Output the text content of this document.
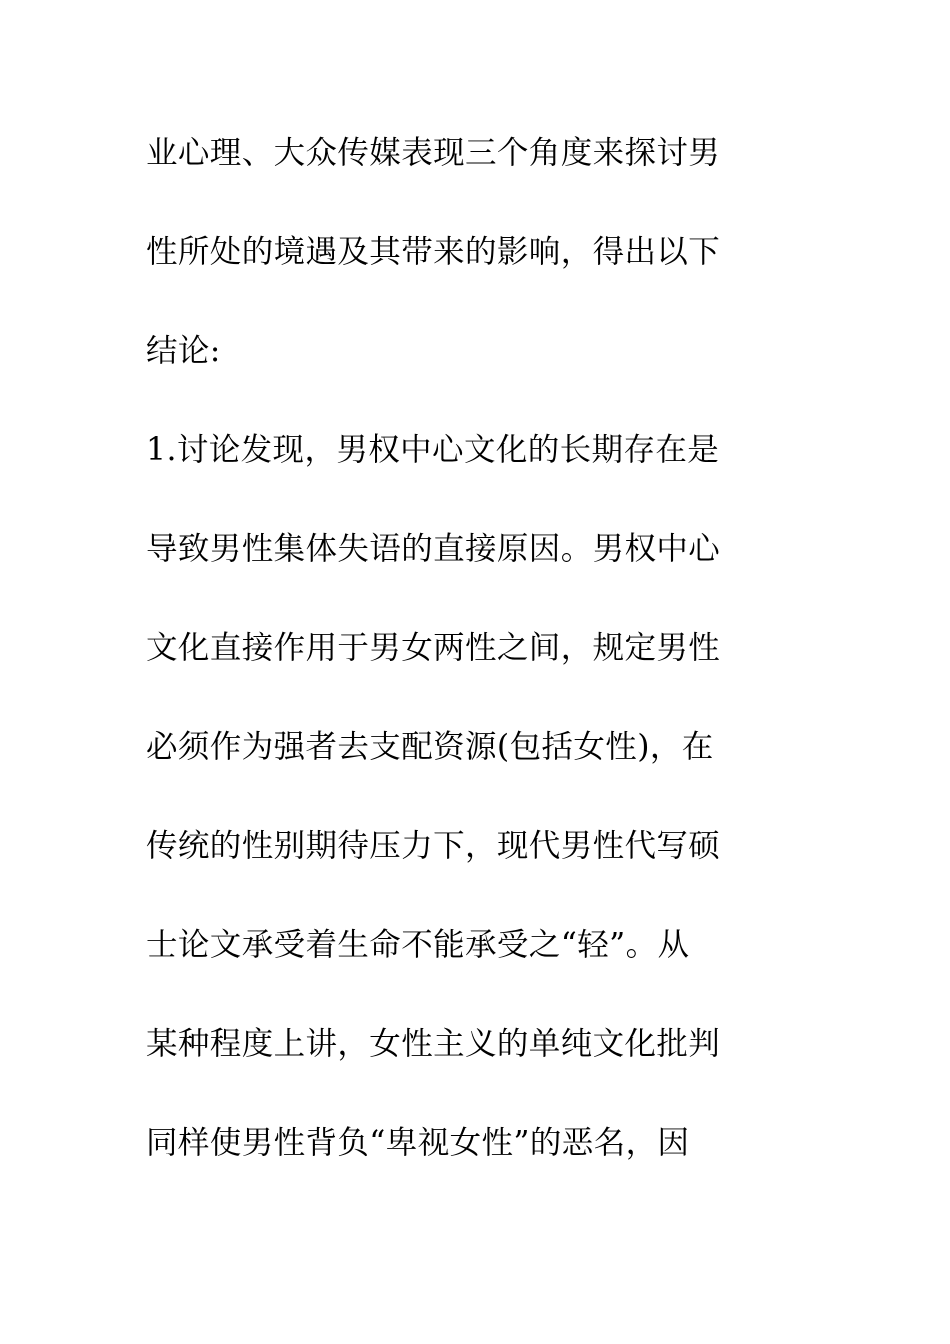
业心理、大众传媒表现三个角度来探讨男
性所处的境遇及其带来的影响，得出以下
结论:
1.讨论发现，男权中心文化的长期存在是
导致男性集体失语的直接原因。男权中心
文化直接作用于男女两性之间，规定男性
必须作为强者去支配资源(包括女性)，在
传统的性别期待压力下，现代男性代写硕
士论文承受着生命不能承受之“轻”。从
某种程度上讲，女性主义的单纯文化批判
同样使男性背负“卑视女性”的恶名，因
